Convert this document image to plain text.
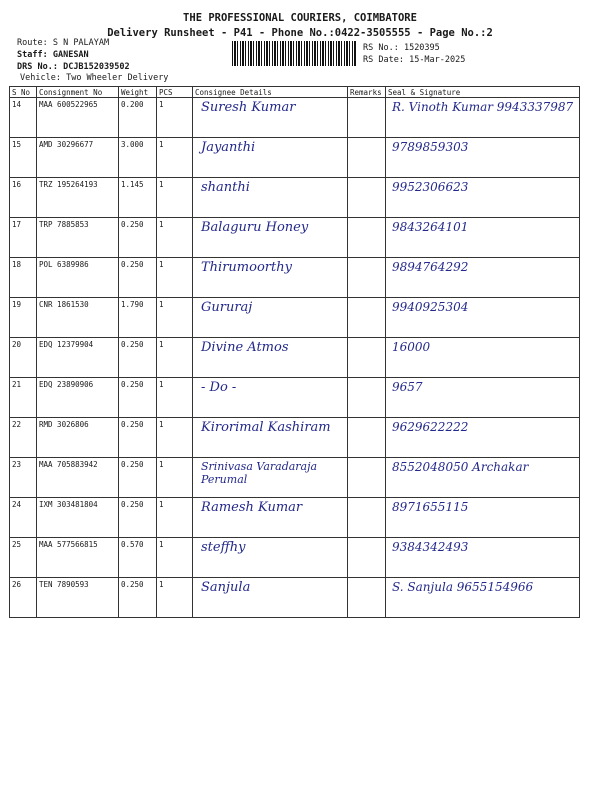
THE PROFESSIONAL COURIERS, COIMBATORE
Delivery Runsheet - P41 - Phone No.:0422-3505555 - Page No.:2
Route: S N PALAYAM
Staff: GANESAN
DRS No.: DCJB152039502
Vehicle: Two Wheeler Delivery
RS No.: 1520395
RS Date: 15-Mar-2025
S No	Consignment No	Weight	PCS	Consignee Details	Remarks	Seal & Signature
14	MAA 600522965	0.200	1	Suresh Kumar		R. Vinoth Kumar 9943337987

15	AMD 30296677	3.000	1	Jayanthi		9789859303

16	TRZ 195264193	1.145	1	shanthi		9952306623

17	TRP 7885853	0.250	1	Balaguru Honey		9843264101

18	POL 6389986	0.250	1	Thirumoorthy		9894764292

19	CNR 1861530	1.790	1	Gururaj		9940925304

20	EDQ 12379904	0.250	1	Divine Atmos		16000

21	EDQ 23890906	0.250	1	- Do -		9657

22	RMD 3026806	0.250	1	Kirorimal Kashiram		9629622222

23	MAA 705883942	0.250	1	Srinivasa Varadaraja Perumal		8552048050 Archakar

24	IXM 303481804	0.250	1	Ramesh Kumar		8971655115

25	MAA 577566815	0.570	1	steffhy		9384342493

26	TEN 7890593	0.250	1	Sanjula		S. Sanjula 9655154966
